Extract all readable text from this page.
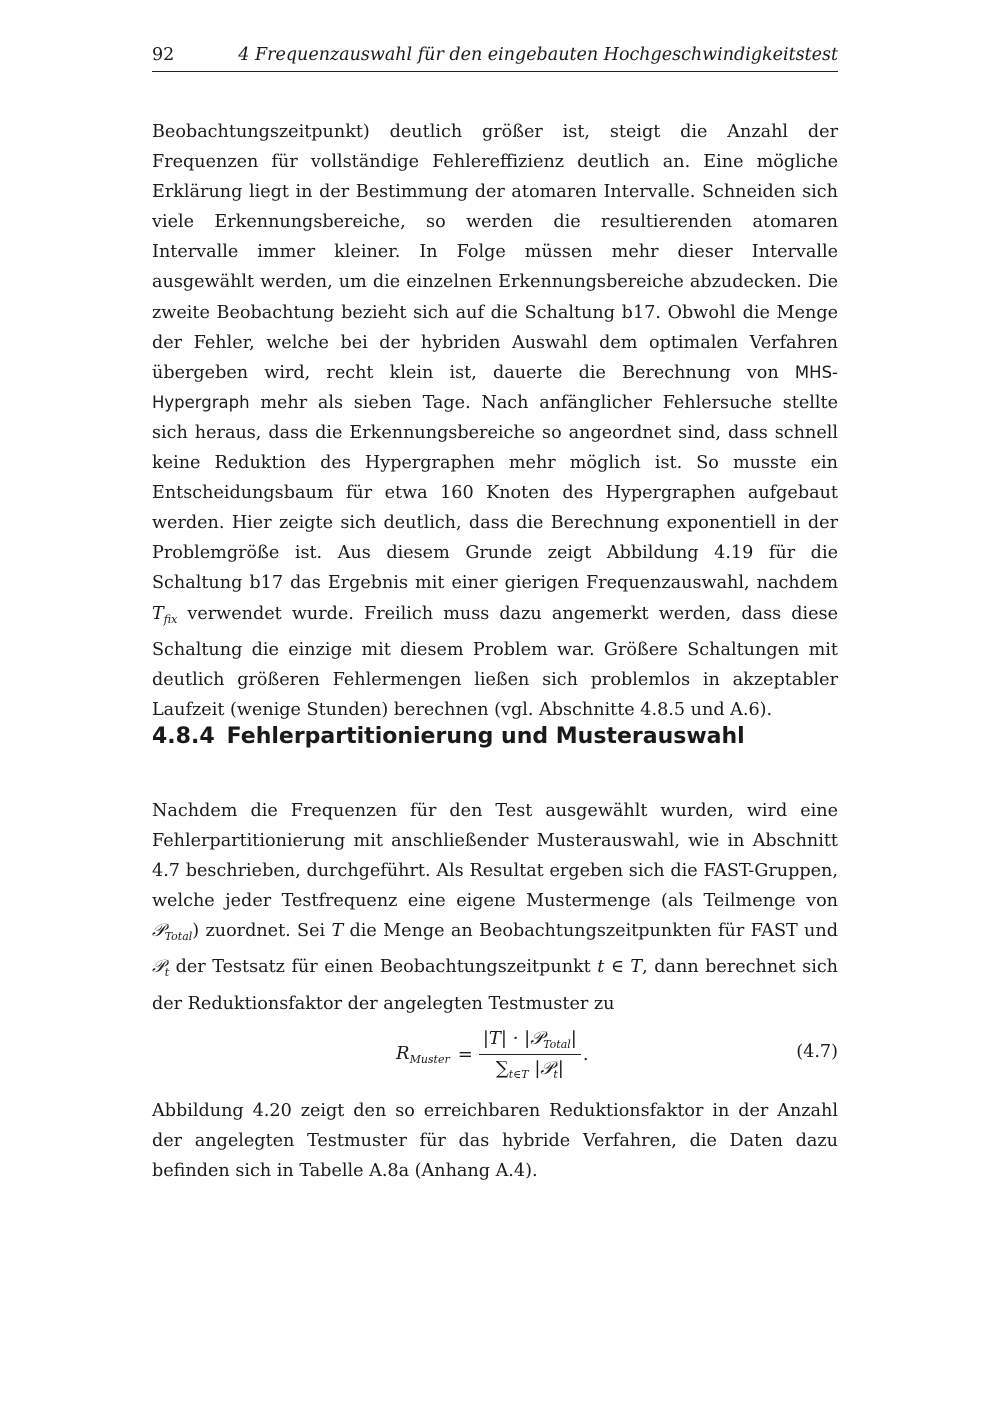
92	4 Frequenzauswahl für den eingebauten Hochgeschwindigkeitstest

Beobachtungszeitpunkt) deutlich größer ist, steigt die Anzahl der Frequenzen für vollständige Fehlereffizienz deutlich an. Eine mögliche Erklärung liegt in der Bestimmung der atomaren Intervalle. Schneiden sich viele Erkennungsbereiche, so werden die resultierenden atomaren Intervalle immer kleiner. In Folge müssen mehr dieser Intervalle ausgewählt werden, um die einzelnen Erkennungsbereiche abzudecken. Die zweite Beobachtung bezieht sich auf die Schaltung b17. Obwohl die Menge der Fehler, welche bei der hybriden Auswahl dem optimalen Verfahren übergeben wird, recht klein ist, dauerte die Berechnung von MHS-Hypergraph mehr als sieben Tage. Nach anfänglicher Fehlersuche stellte sich heraus, dass die Erkennungsbereiche so angeordnet sind, dass schnell keine Reduktion des Hypergraphen mehr möglich ist. So musste ein Entscheidungsbaum für etwa 160 Knoten des Hypergraphen aufgebaut werden. Hier zeigte sich deutlich, dass die Berechnung exponentiell in der Problemgröße ist. Aus diesem Grunde zeigt Abbildung 4.19 für die Schaltung b17 das Ergebnis mit einer gierigen Frequenzauswahl, nachdem $T_{fix}$ verwendet wurde. Freilich muss dazu angemerkt werden, dass diese Schaltung die einzige mit diesem Problem war. Größere Schaltungen mit deutlich größeren Fehlermengen ließen sich problemlos in akzeptabler Laufzeit (wenige Stunden) berechnen (vgl. Abschnitte 4.8.5 und A.6).

4.8.4 Fehlerpartitionierung und Musterauswahl

Nachdem die Frequenzen für den Test ausgewählt wurden, wird eine Fehlerpartitionierung mit anschließender Musterauswahl, wie in Abschnitt 4.7 beschrieben, durchgeführt. Als Resultat ergeben sich die FAST-Gruppen, welche jeder Testfrequenz eine eigene Mustermenge (als Teilmenge von 𝒫$_{Total}$) zuordnet. Sei T die Menge an Beobachtungszeitpunkten für FAST und 𝒫$_t$ der Testsatz für einen Beobachtungszeitpunkt t ∈ T, dann berechnet sich der Reduktionsfaktor der angelegten Testmuster zu

$R_{Muster} = \frac{|T| \cdot |𝒫_{Total}|}{\sum_{t\in T} |𝒫_t|}$ .	(4.7)

Abbildung 4.20 zeigt den so erreichbaren Reduktionsfaktor in der Anzahl der angelegten Testmuster für das hybride Verfahren, die Daten dazu befinden sich in Tabelle A.8a (Anhang A.4).
